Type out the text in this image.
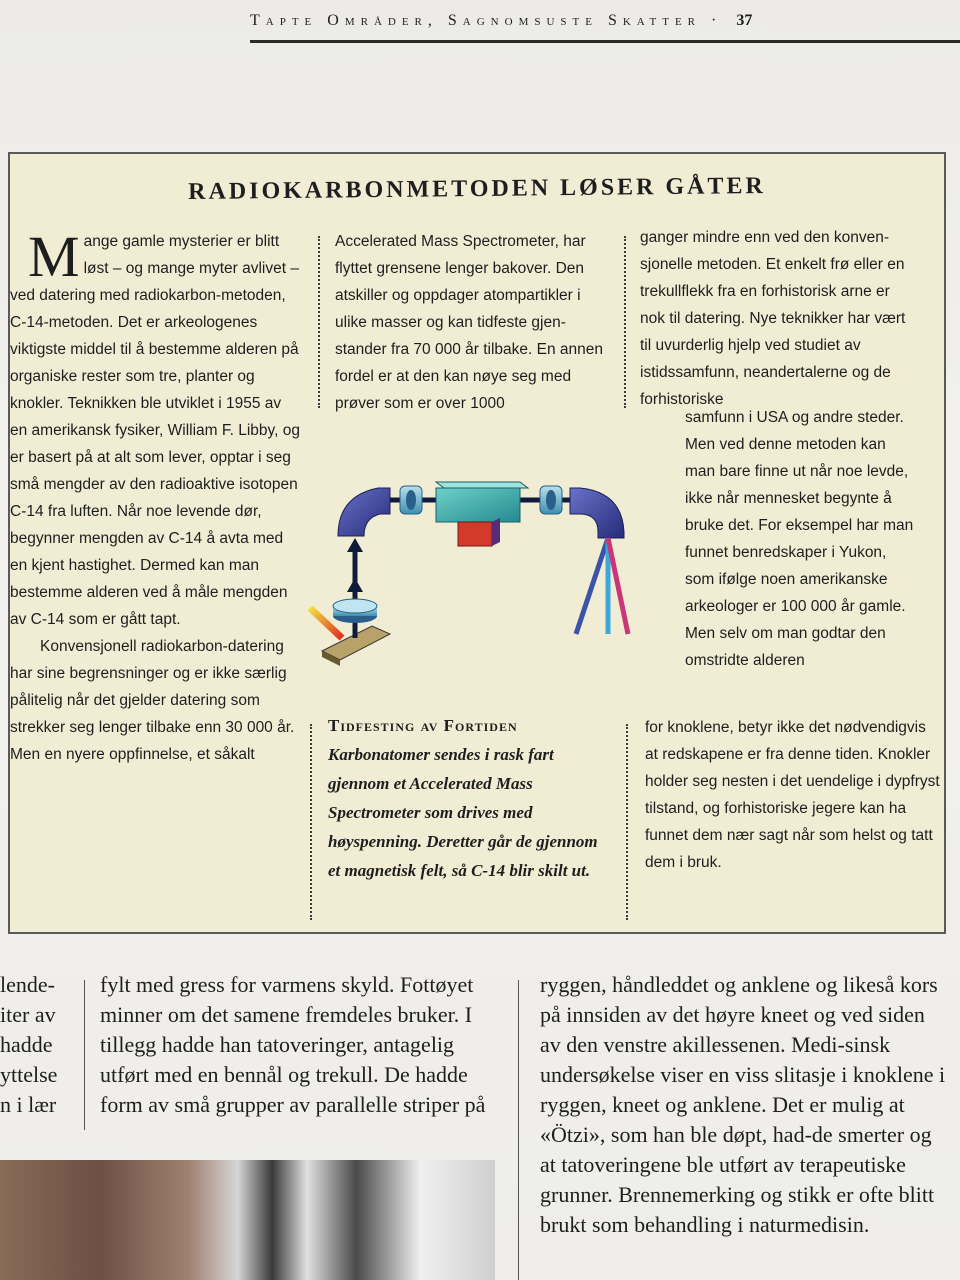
Tapte Områder, Sagnomsuste Skatter · 37
RADIOKARBONMETODEN LØSER GÅTER
M ange gamle mysterier er blitt løst – og mange myter avlivet – ved datering med radiokarbon-metoden, C-14-metoden. Det er arkeologenes viktigste middel til å bestemme alderen på organiske rester som tre, planter og knokler. Teknikken ble utviklet i 1955 av en amerikansk fysiker, William F. Libby, og er basert på at alt som lever, opptar i seg små mengder av den radioaktive isotopen C-14 fra luften. Når noe levende dør, begynner mengden av C-14 å avta med en kjent hastighet. Dermed kan man bestemme alderen ved å måle mengden av C-14 som er gått tapt.

Konvensjonell radiokarbon-datering har sine begrensninger og er ikke særlig pålitelig når det gjelder datering som strekker seg lenger tilbake enn 30 000 år. Men en nyere oppfinnelse, et såkalt

Accelerated Mass Spectrometer, har flyttet grensene lenger bakover. Den atskiller og oppdager atompartikler i ulike masser og kan tidfeste gjen-stander fra 70 000 år tilbake. En annen fordel er at den kan nøye seg med prøver som er over 1000

ganger mindre enn ved den konven-sjonelle metoden. Et enkelt frø eller en trekullflekk fra en forhistorisk arne er nok til datering. Nye teknikker har vært til uvurderlig hjelp ved studiet av istidssamfunn, neandertalerne og de forhistoriske

samfunn i USA og andre steder. Men ved denne metoden kan man bare finne ut når noe levde, ikke når mennesket begynte å bruke det. For eksempel har man funnet benredskaper i Yukon, som ifølge noen amerikanske arkeologer er 100 000 år gamle. Men selv om man godtar den omstridte alderen

for knoklene, betyr ikke det nødvendigvis at redskapene er fra denne tiden. Knokler holder seg nesten i det uendelige i dypfryst tilstand, og forhistoriske jegere kan ha funnet dem nær sagt når som helst og tatt dem i bruk.

Tidfesting av Fortiden
Karbonatomer sendes i rask fart gjennom et Accelerated Mass Spectrometer som drives med høyspenning. Deretter går de gjennom et magnetisk felt, så C-14 blir skilt ut.
lende- iter av hadde yttelse n i lær
fylt med gress for varmens skyld. Fottøyet minner om det samene fremdeles bruker. I tillegg hadde han tatoveringer, antagelig utført med en bennål og trekull. De hadde form av små grupper av parallelle striper på
ryggen, håndleddet og anklene og likeså kors på innsiden av det høyre kneet og ved siden av den venstre akillessenen. Medi-sinsk undersøkelse viser en viss slitasje i knoklene i ryggen, kneet og anklene. Det er mulig at «Ötzi», som han ble døpt, had-de smerter og at tatoveringene ble utført av terapeutiske grunner. Brennemerking og stikk er ofte blitt brukt som behandling i naturmedisin.
